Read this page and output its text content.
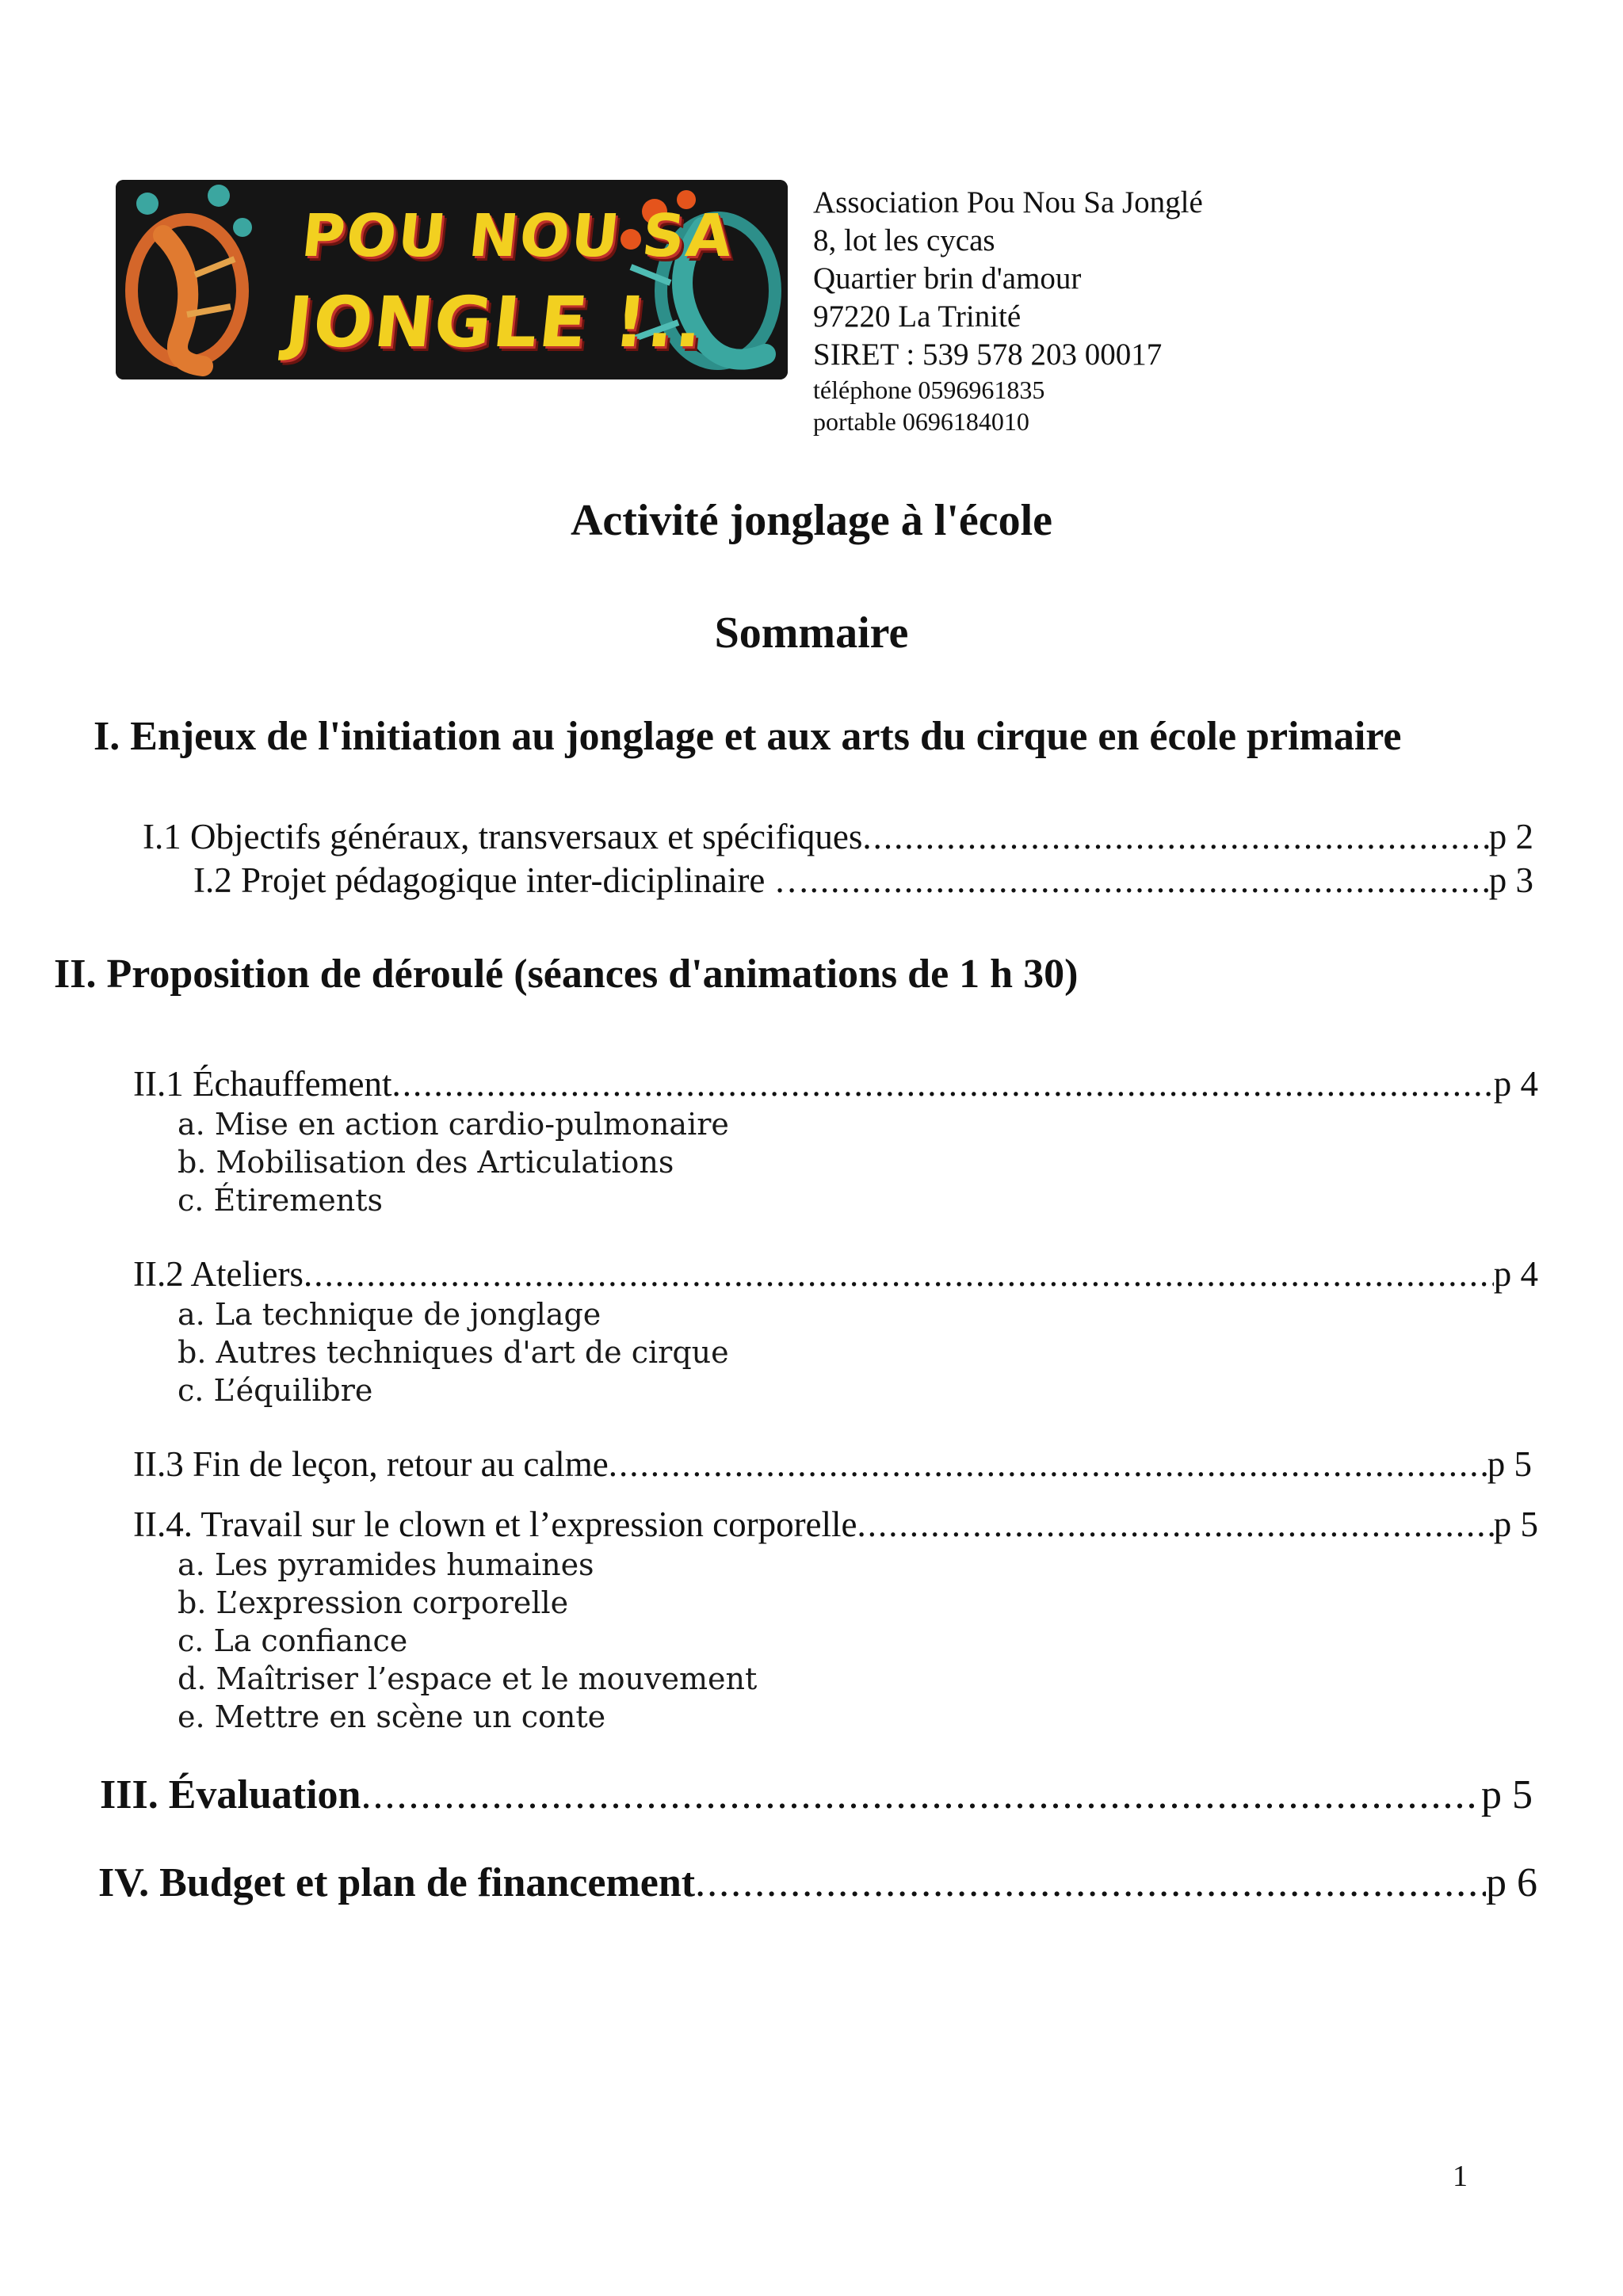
POU NOU SA
JONGLE !..
Association Pou Nou Sa Jonglé
8, lot les cycas
Quartier brin d'amour
97220 La Trinité
SIRET : 539 578 203 00017
téléphone 0596961835
portable 0696184010
Activité jonglage à l'école
Sommaire
I. Enjeux de l'initiation au jonglage et aux arts du cirque en école primaire
I.1 Objectifs généraux, transversaux et spécifiques .....	p 2
I.2 Projet pédagogique inter-diciplinaire … .....	p 3
II. Proposition de déroulé (séances d'animations de 1 h 30)
II.1 Échauffement .....	p 4
a. Mise en action cardio-pulmonaire
b. Mobilisation des Articulations
c. Étirements
II.2 Ateliers .....	p 4
a. La technique de jonglage
b. Autres techniques d'art de cirque
c. L’équilibre
II.3 Fin de leçon, retour au calme .....	p 5
II.4. Travail sur le clown et l’expression corporelle .....	p 5
a. Les pyramides humaines
b. L’expression corporelle
c. La confiance
d. Maîtriser l’espace et le mouvement
e. Mettre en scène un conte
III. Évaluation .....	p 5
IV. Budget et plan de financement .....	p 6
1
